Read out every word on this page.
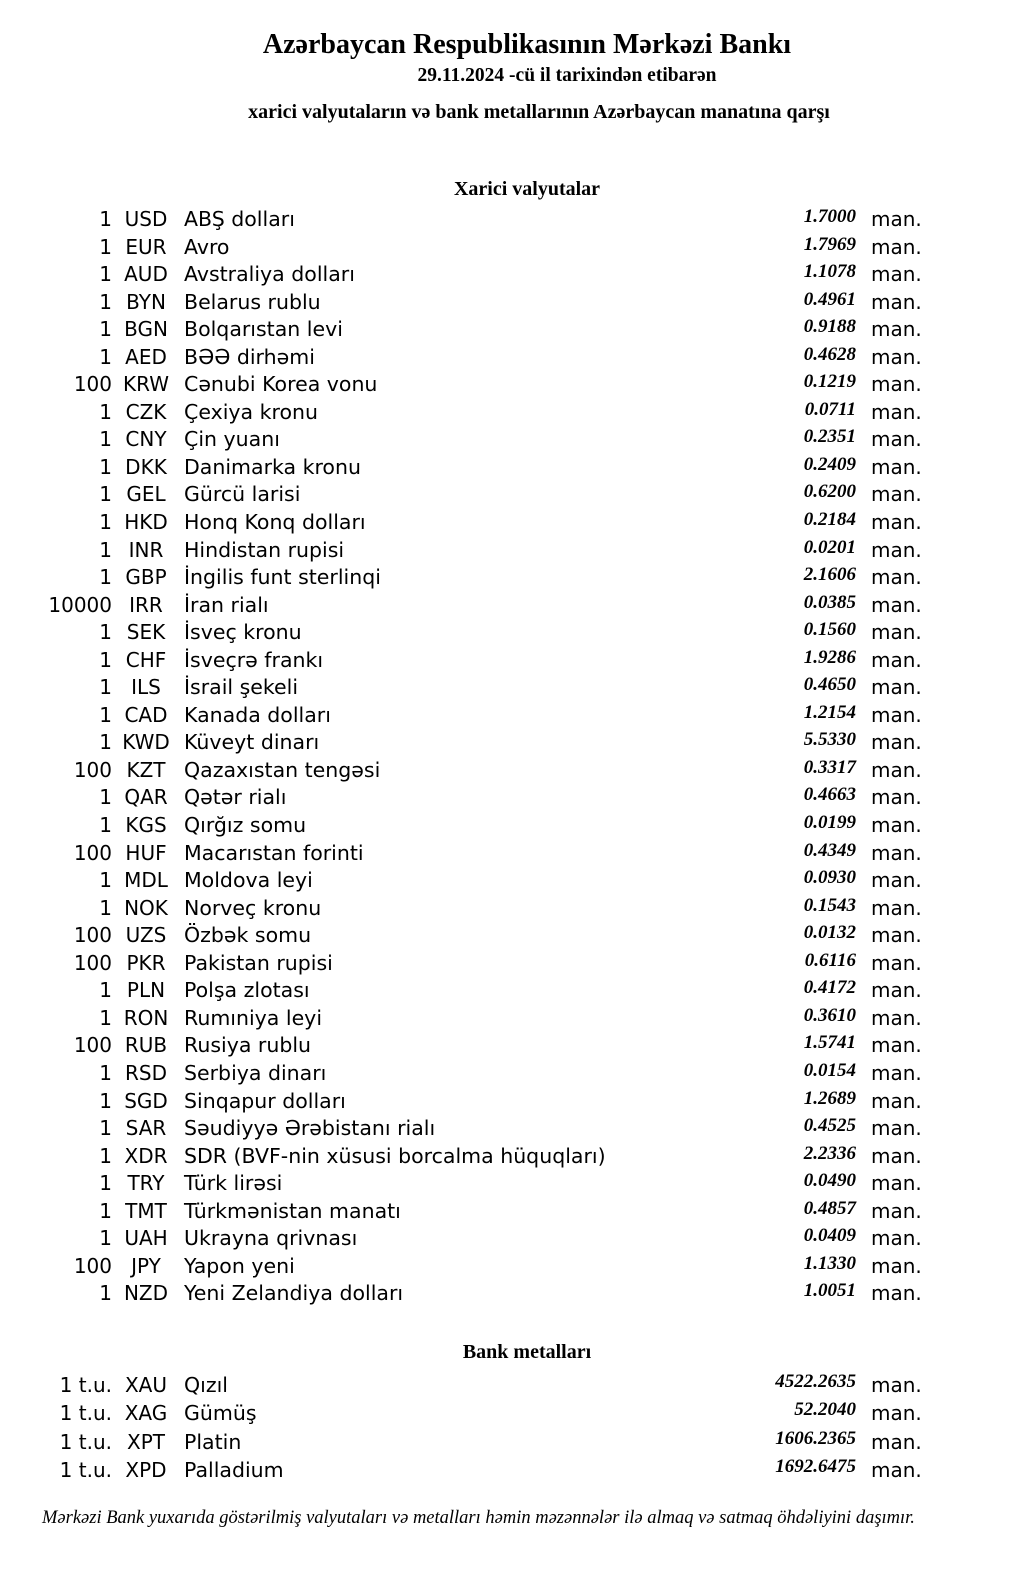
Azərbaycan Respublikasının Mərkəzi Bankı
29.11.2024 -cü il tarixindən etibarən
xarici valyutaların və bank metallarının Azərbaycan manatına qarşı
Xarici valyutalar
1 USD ABŞ dolları	1.7000 man.
1 EUR Avro	1.7969 man.
1 AUD Avstraliya dolları	1.1078 man.
1 BYN Belarus rublu	0.4961 man.
1 BGN Bolqarıstan levi	0.9188 man.
1 AED BƏƏ dirhəmi	0.4628 man.
100 KRW Cənubi Korea vonu	0.1219 man.
1 CZK Çexiya kronu	0.0711 man.
1 CNY Çin yuanı	0.2351 man.
1 DKK Danimarka kronu	0.2409 man.
1 GEL Gürcü larisi	0.6200 man.
1 HKD Honq Konq dolları	0.2184 man.
1 INR	Hindistan rupisi	0.0201 man.
1 GBP İngilis funt sterlinqi	2.1606 man.
10000 IRR	İran rialı	0.0385 man.
1 SEK İsveç kronu	0.1560 man.
1 CHF İsveçrə frankı	1.9286 man.
1 ILS	İsrail şekeli	0.4650 man.
1 CAD Kanada dolları	1.2154 man.
1 KWD Küveyt dinarı	5.5330 man.
100 KZT Qazaxıstan tengəsi	0.3317 man.
1 QAR Qətər rialı	0.4663 man.
1 KGS Qırğız somu	0.0199 man.
100 HUF Macarıstan forinti	0.4349 man.
1 MDL Moldova leyi	0.0930 man.
1 NOK Norveç kronu	0.1543 man.
100 UZS Özbək somu	0.0132 man.
100 PKR Pakistan rupisi	0.6116 man.
1 PLN Polşa zlotası	0.4172 man.
1 RON Rumıniya leyi	0.3610 man.
100 RUB Rusiya rublu	1.5741 man.
1 RSD Serbiya dinarı	0.0154 man.
1 SGD Sinqapur dolları	1.2689 man.
1 SAR Səudiyyə Ərəbistanı rialı	0.4525 man.
1 XDR SDR (BVF-nin xüsusi borcalma hüquqları)	2.2336 man.
1 TRY Türk lirəsi	0.0490 man.
1 TMT Türkmənistan manatı	0.4857 man.
1 UAH Ukrayna qrivnası	0.0409 man.
100 JPY	Yapon yeni	1.1330 man.
1 NZD Yeni Zelandiya dolları	1.0051 man.
Bank metalları
1 t.u. XAU Qızıl	4522.2635 man.
1 t.u. XAG Gümüş	52.2040 man.
1 t.u. XPT Platin	1606.2365 man.
1 t.u. XPD Palladium	1692.6475 man.

Mərkəzi Bank yuxarıda göstərilmiş valyutaları və metalları həmin məzənnələr ilə almaq və satmaq öhdəliyini daşımır.
